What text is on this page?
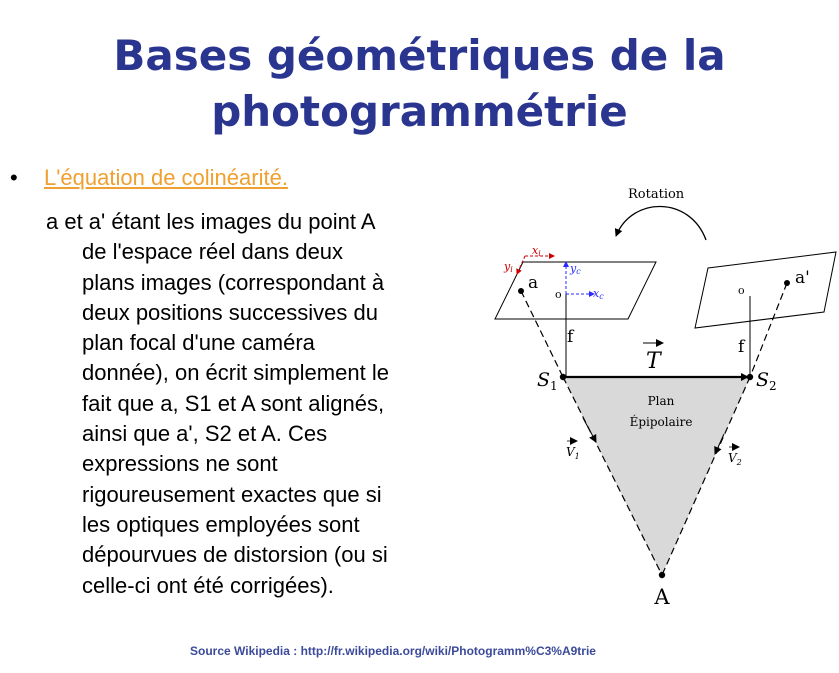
Bases géométriques de la
photogrammétrie
• L'équation de colinéarité.
a et a' étant les images du point A
de l'espace réel dans deux
plans images (correspondant à
deux positions successives du
plan focal d'une caméra
donnée), on écrit simplement le
fait que a, S1 et A sont alignés,
ainsi que a', S2 et A. Ces
expressions ne sont
rigoureusement exactes que si
les optiques employées sont
dépourvues de distorsion (ou si
celle-ci ont été corrigées).
Rotation
a	a'
xi
yi	yc
xc
o	o
f	f
T
$S_1$	$S_2$
Plan
Épipolaire
$V_1$	$V_2$
A
Source Wikipedia : http://fr.wikipedia.org/wiki/Photogramm%C3%A9trie
